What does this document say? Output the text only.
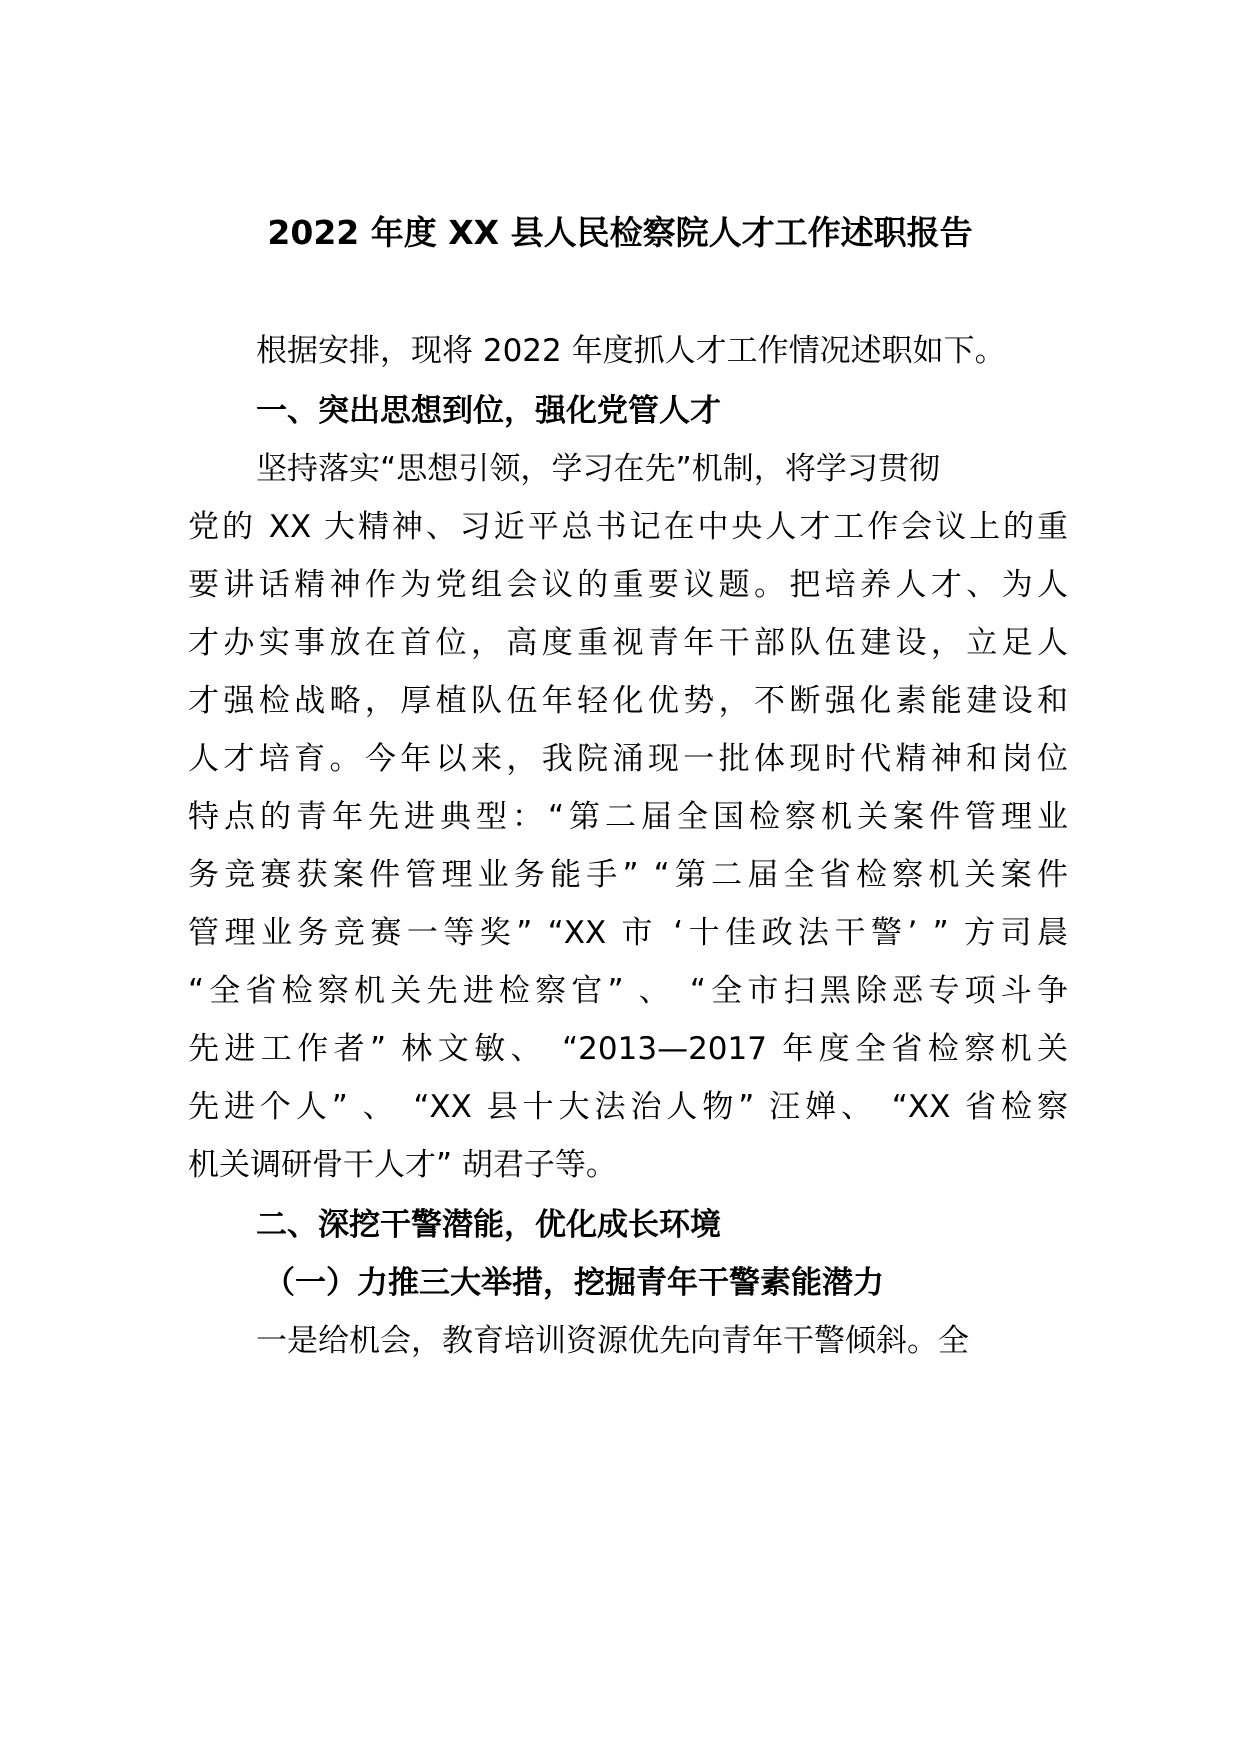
2022 年度 XX 县人民检察院人才工作述职报告
根据安排，现将 2022 年度抓人才工作情况述职如下。
一、突出思想到位，强化党管人才
坚持落实“思想引领，学习在先”机制，将学习贯彻
党的 XX 大精神、习近平总书记在中央人才工作会议上的重
要讲话精神作为党组会议的重要议题。把培养人才、为人
才办实事放在首位，高度重视青年干部队伍建设，立足人
才强检战略，厚植队伍年轻化优势，不断强化素能建设和
人才培育。今年以来，我院涌现一批体现时代精神和岗位
特点的青年先进典型：“第二届全国检察机关案件管理业
务竞赛获案件管理业务能手” “第二届全省检察机关案件
管理业务竞赛一等奖” “XX 市 ‘十佳政法干警’ ” 方司晨
“全省检察机关先进检察官” 、 “全市扫黑除恶专项斗争
先进工作者” 林文敏、 “2013—2017 年度全省检察机关
先进个人” 、 “XX 县十大法治人物” 汪婵、 “XX 省检察
机关调研骨干人才” 胡君子等。
二、深挖干警潜能，优化成长环境
（一）力推三大举措，挖掘青年干警素能潜力
一是给机会，教育培训资源优先向青年干警倾斜。全
